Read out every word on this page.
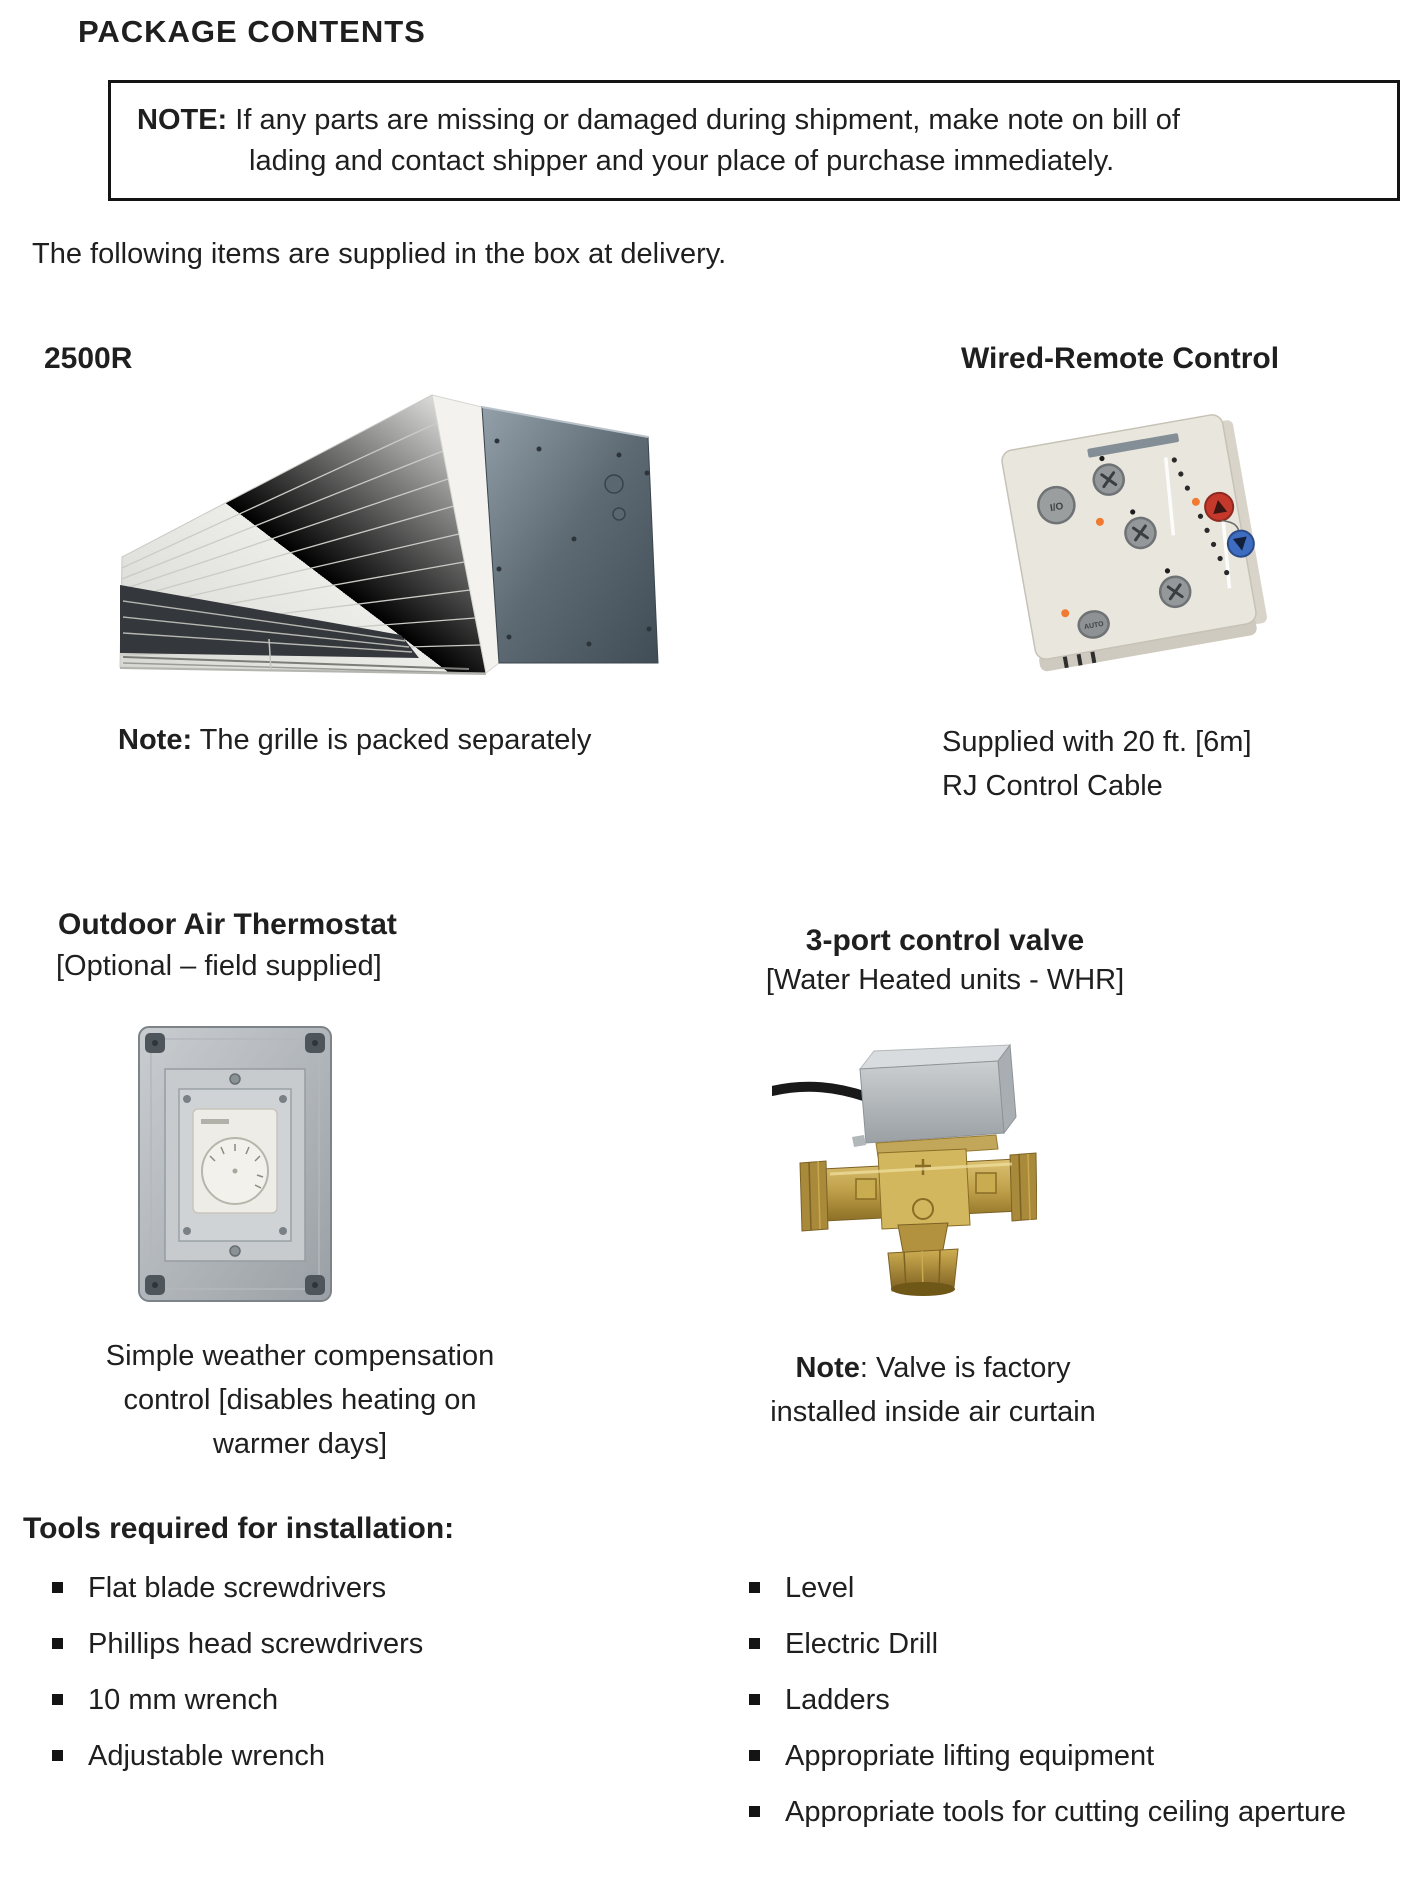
PACKAGE CONTENTS
NOTE: If any parts are missing or damaged during shipment, make note on bill of
lading and contact shipper and your place of purchase immediately.
The following items are supplied in the box at delivery.
2500R	Wired-Remote Control
I/O
AUTO
Note: The grille is packed separately	Supplied with 20 ft. [6m]
RJ Control Cable
Outdoor Air Thermostat
[Optional – field supplied]
3-port control valve
[Water Heated units - WHR]
Simple weather compensation
control [disables heating on
warmer days]
Note: Valve is factory
installed inside air curtain
Tools required for installation:
Flat blade screwdrivers
Phillips head screwdrivers
10 mm wrench
Adjustable wrench
Level
Electric Drill
Ladders
Appropriate lifting equipment
Appropriate tools for cutting ceiling aperture
